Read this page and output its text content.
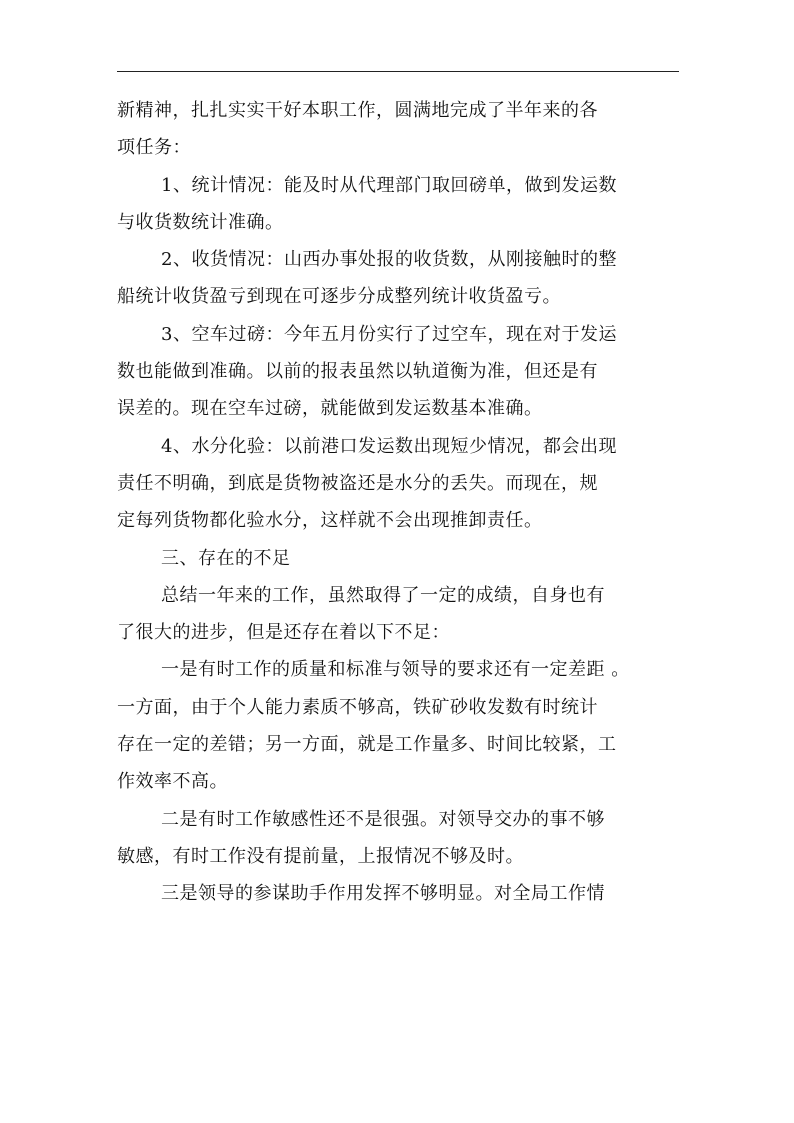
新精神，扎扎实实干好本职工作，圆满地完成了半年来的各
项任务：
1、统计情况：能及时从代理部门取回磅单，做到发运数
与收货数统计准确。
2、收货情况：山西办事处报的收货数，从刚接触时的整
船统计收货盈亏到现在可逐步分成整列统计收货盈亏。
3、空车过磅：今年五月份实行了过空车，现在对于发运
数也能做到准确。以前的报表虽然以轨道衡为准，但还是有
误差的。现在空车过磅，就能做到发运数基本准确。
4、水分化验：以前港口发运数出现短少情况，都会出现
责任不明确，到底是货物被盗还是水分的丢失。而现在，规
定每列货物都化验水分，这样就不会出现推卸责任。
三、存在的不足
总结一年来的工作，虽然取得了一定的成绩，自身也有
了很大的进步，但是还存在着以下不足：
一是有时工作的质量和标准与领导的要求还有一定差距 。
一方面，由于个人能力素质不够高，铁矿砂收发数有时统计
存在一定的差错；另一方面，就是工作量多、时间比较紧，工
作效率不高。
二是有时工作敏感性还不是很强。对领导交办的事不够
敏感，有时工作没有提前量，上报情况不够及时。
三是领导的参谋助手作用发挥不够明显。对全局工作情
